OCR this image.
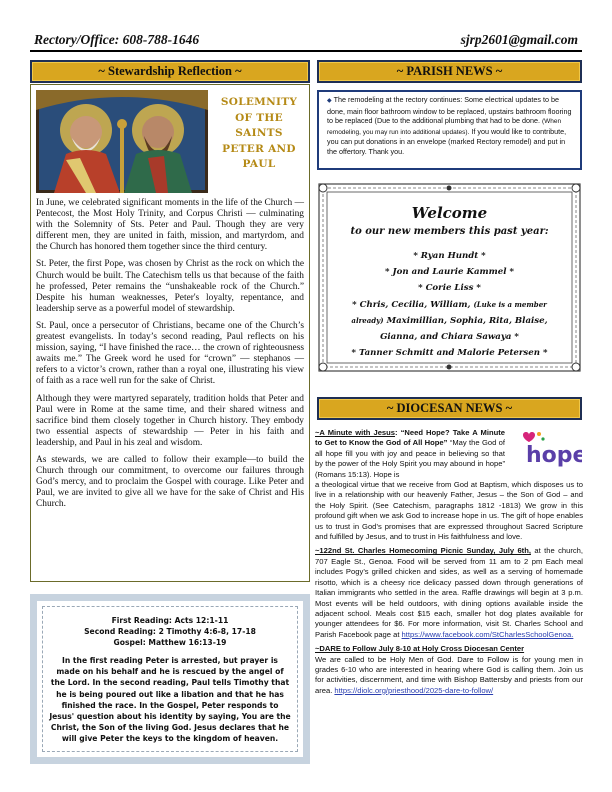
Rectory/Office: 608-788-1646	sjrp2601@gmail.com
~ Stewardship Reflection ~
SOLEMNITY
OF THE
SAINTS
PETER AND
PAUL

In June, we celebrated significant moments in the life of the Church — Pentecost, the Most Holy Trinity, and Corpus Christi — culminating with the Solemnity of Sts. Peter and Paul. Though they are very different men, they are united in faith, mission, and martyrdom, and the Church has honored them together since the third century.

St. Peter, the first Pope, was chosen by Christ as the rock on which the Church would be built. The Catechism tells us that because of the faith he professed, Peter remains the “unshakeable rock of the Church.” Despite his human weaknesses, Peter's loyalty, repentance, and leadership serve as a powerful model of stewardship.

St. Paul, once a persecutor of Christians, became one of the Church’s greatest evangelists. In today’s second reading, Paul reflects on his mission, saying, “I have finished the race… the crown of righteousness awaits me.” The Greek word he used for “crown” — stephanos — refers to a victor’s crown, rather than a royal one, illustrating his view of faith as a race well run for the sake of Christ.

Although they were martyred separately, tradition holds that Peter and Paul were in Rome at the same time, and their shared witness and sacrifice bind them closely together in Church history. They embody two essential aspects of stewardship — Peter in his faith and leadership, and Paul in his zeal and wisdom.

As stewards, we are called to follow their example—to build the Church through our commitment, to overcome our failures through God’s mercy, and to proclaim the Gospel with courage. Like Peter and Paul, we are invited to give all we have for the sake of Christ and His Church.

First Reading: Acts 12:1-11
Second Reading: 2 Timothy 4:6-8, 17-18
Gospel: Matthew 16:13-19
In the first reading Peter is arrested, but prayer is made on his behalf and he is rescued by the angel of the Lord. In the second reading, Paul tells Timothy that he is being poured out like a libation and that he has finished the race. In the Gospel, Peter responds to Jesus' question about his identity by saying, You are the Christ, the Son of the living God. Jesus declares that he will give Peter the keys to the kingdom of heaven.
~ PARISH NEWS ~

◆ The remodeling at the rectory continues: Some electrical updates to be done, main floor bathroom window to be replaced, upstairs bathroom flooring to be replaced (Due to the additional plumbing that had to be done. (When remodeling, you may run into additional updates). If you would like to contribute, you can put donations in an envelope (marked Rectory remodel) and put in the offertory. Thank you.

Welcome
to our new members this past year:
* Ryan Hundt *
* Jon and Laurie Kammel *
* Corie Liss *
* Chris, Cecilia, William, (Luke is a member
already) Maximillian, Sophia, Rita, Blaise,
Gianna, and Chiara Sawaya *
* Tanner Schmitt and Malorie Petersen *
~ DIOCESAN NEWS ~
hope

~A Minute with Jesus: “Need Hope? Take A Minute to Get to Know the God of All Hope” “May the God of all hope fill you with joy and peace in believing so that by the power of the Holy Spirit you may abound in hope” (Romans 15:13). Hope is

a theological virtue that we receive from God at Baptism, which disposes us to live in a relationship with our heavenly Father, Jesus – the Son of God – and the Holy Spirit. (See Catechism, paragraphs 1812 -1813) We grow in this profound gift when we ask God to increase hope in us. The gift of hope enables us to trust in God’s promises that are expressed throughout Sacred Scripture and fulfilled by Jesus, and to trust in His faithfulness and love.

~122nd St. Charles Homecoming Picnic Sunday, July 6th, at the church, 707 Eagle St., Genoa. Food will be served from 11 am to 2 pm Each meal includes Pogy’s grilled chicken and sides, as well as a serving of homemade risotto, which is a cheesy rice delicacy passed down through generations of Italian immigrants who settled in the area. Raffle drawings will begin at 3 p.m. Most events will be held outdoors, with dining options available inside the adjacent school. Meals cost $15 each, smaller hot dog plates available for younger attendees for $6. For more information, visit St. Charles School and Parish Facebook page at https://www.facebook.com/StCharlesSchoolGenoa.

~DARE to Follow July 8-10 at Holy Cross Diocesan Center
We are called to be Holy Men of God. Dare to Follow is for young men in grades 6-10 who are interested in hearing where God is calling them. Join us for activities, discernment, and time with Bishop Battersby and priests from our area. https://diolc.org/priesthood/2025-dare-to-follow/
